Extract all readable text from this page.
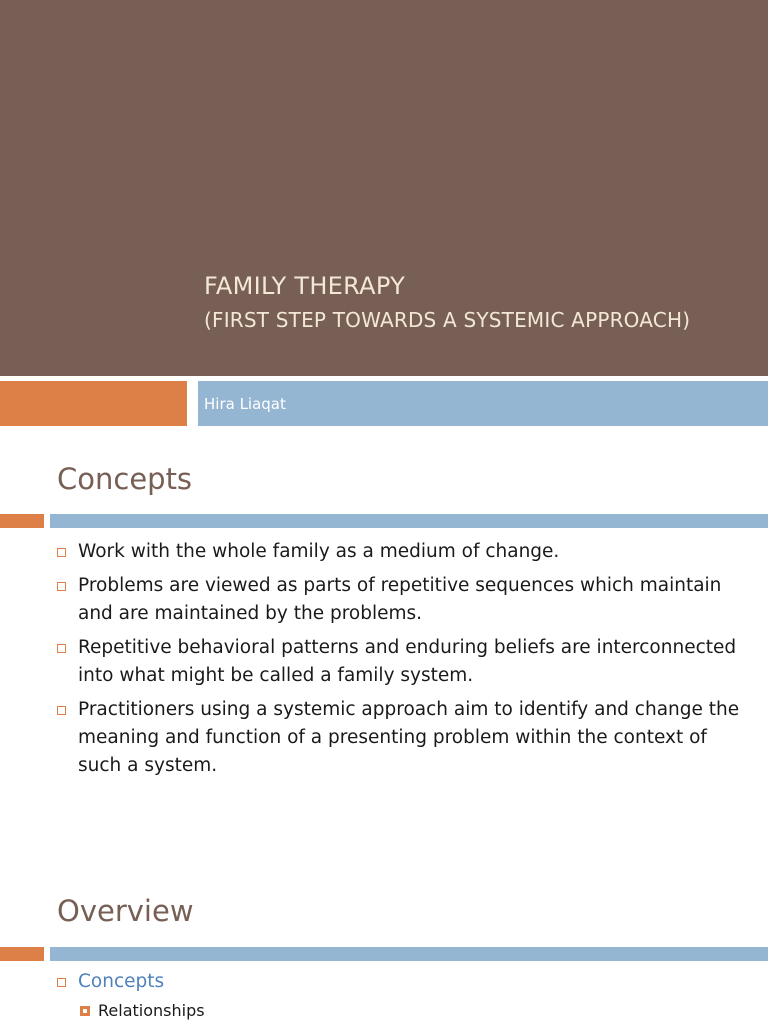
FAMILY THERAPY
(FIRST STEP TOWARDS A SYSTEMIC APPROACH)
Hira Liaqat
Concepts
Work with the whole family as a medium of change.
Problems are viewed as parts of repetitive sequences which maintain and are maintained by the problems.
Repetitive behavioral patterns and enduring beliefs are interconnected into what might be called a family system.
Practitioners using a systemic approach aim to identify and change the meaning and function of a presenting problem within the context of such a system.
Overview
Concepts
Relationships
